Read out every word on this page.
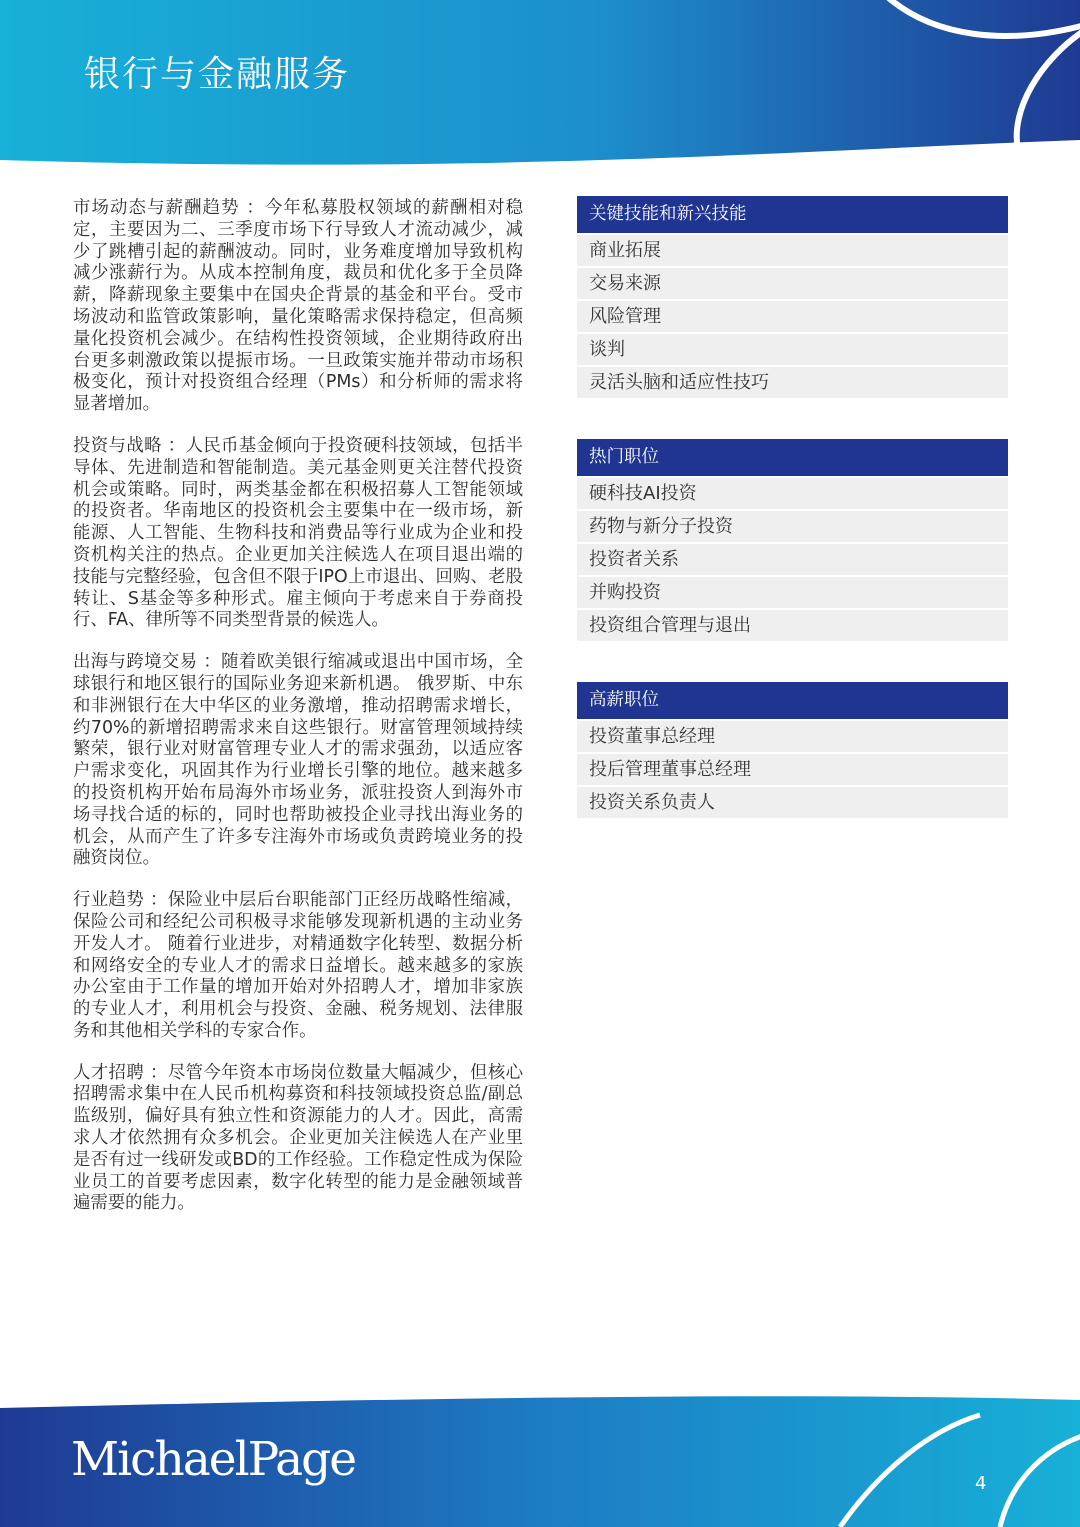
银行与金融服务

市场动态与薪酬趋势 ：今年私募股权领域的薪酬相对稳定，主要因为二、三季度市场下行导致人才流动减少，减少了跳槽引起的薪酬波动。同时，业务难度增加导致机构减少涨薪行为。从成本控制角度，裁员和优化多于全员降薪，降薪现象主要集中在国央企背景的基金和平台。受市场波动和监管政策影响，量化策略需求保持稳定，但高频量化投资机会减少。在结构性投资领域，企业期待政府出台更多刺激政策以提振市场。一旦政策实施并带动市场积极变化，预计对投资组合经理（PMs）和分析师的需求将显著增加。

投资与战略 ：人民币基金倾向于投资硬科技领域，包括半导体、先进制造和智能制造。美元基金则更关注替代投资机会或策略。同时，两类基金都在积极招募人工智能领域的投资者。华南地区的投资机会主要集中在一级市场，新能源、人工智能、生物科技和消费品等行业成为企业和投资机构关注的热点。企业更加关注候选人在项目退出端的技能与完整经验，包含但不限于IPO上市退出、回购、老股转让、S基金等多种形式。雇主倾向于考虑来自于券商投行、FA、律所等不同类型背景的候选人。

出海与跨境交易 ：随着欧美银行缩减或退出中国市场，全球银行和地区银行的国际业务迎来新机遇。 俄罗斯、中东和非洲银行在大中华区的业务激增，推动招聘需求增长，约70%的新增招聘需求来自这些银行。财富管理领域持续繁荣，银行业对财富管理专业人才的需求强劲，以适应客户需求变化，巩固其作为行业增长引擎的地位。越来越多的投资机构开始布局海外市场业务，派驻投资人到海外市场寻找合适的标的，同时也帮助被投企业寻找出海业务的机会，从而产生了许多专注海外市场或负责跨境业务的投融资岗位。

行业趋势 ：保险业中层后台职能部门正经历战略性缩减，保险公司和经纪公司积极寻求能够发现新机遇的主动业务开发人才。 随着行业进步，对精通数字化转型、数据分析和网络安全的专业人才的需求日益增长。越来越多的家族办公室由于工作量的增加开始对外招聘人才，增加非家族的专业人才，利用机会与投资、金融、税务规划、法律服务和其他相关学科的专家合作。

人才招聘 ：尽管今年资本市场岗位数量大幅减少，但核心招聘需求集中在人民币机构募资和科技领域投资总监/副总监级别，偏好具有独立性和资源能力的人才。因此，高需求人才依然拥有众多机会。企业更加关注候选人在产业里是否有过一线研发或BD的工作经验。工作稳定性成为保险业员工的首要考虑因素，数字化转型的能力是金融领域普遍需要的能力。

关键技能和新兴技能
商业拓展
交易来源
风险管理
谈判
灵活头脑和适应性技巧
热门职位
硬科技AI投资
药物与新分子投资
投资者关系
并购投资
投资组合管理与退出
高薪职位
投资董事总经理
投后管理董事总经理
投资关系负责人
MichaelPage	4
